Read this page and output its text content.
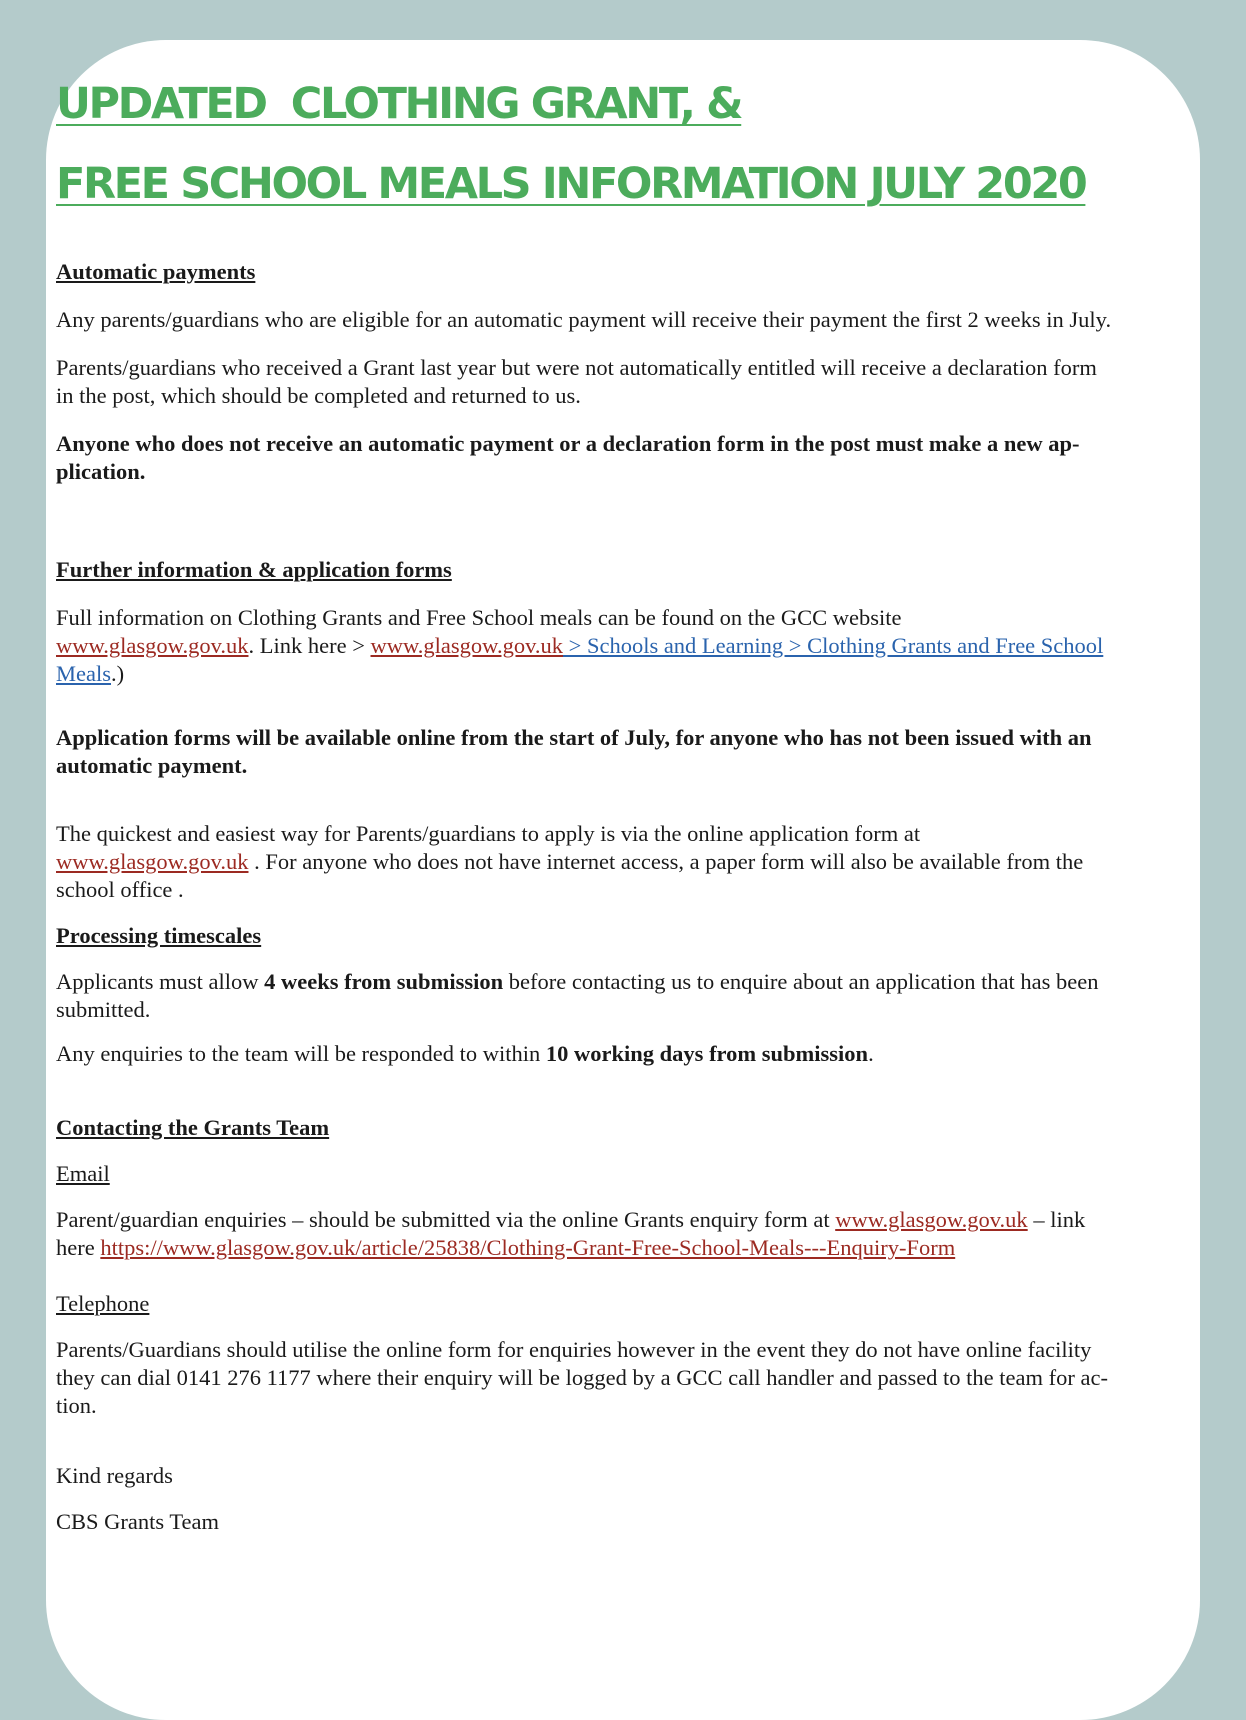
UPDATED  CLOTHING GRANT, &
FREE SCHOOL MEALS INFORMATION JULY 2020
Automatic payments
Any parents/guardians who are eligible for an automatic payment will receive their payment the first 2 weeks in July.
Parents/guardians who received a Grant last year but were not automatically entitled will receive a declaration form
in the post, which should be completed and returned to us.
Anyone who does not receive an automatic payment or a declaration form in the post must make a new ap-
plication.
Further information & application forms
Full information on Clothing Grants and Free School meals can be found on the GCC website
www.glasgow.gov.uk. Link here > www.glasgow.gov.uk > Schools and Learning > Clothing Grants and Free School
Meals.)
Application forms will be available online from the start of July, for anyone who has not been issued with an
automatic payment.
The quickest and easiest way for Parents/guardians to apply is via the online application form at
www.glasgow.gov.uk . For anyone who does not have internet access, a paper form will also be available from the
school office .
Processing timescales
Applicants must allow 4 weeks from submission before contacting us to enquire about an application that has been
submitted.
Any enquiries to the team will be responded to within 10 working days from submission.
Contacting the Grants Team
Email
Parent/guardian enquiries – should be submitted via the online Grants enquiry form at www.glasgow.gov.uk – link
here https://www.glasgow.gov.uk/article/25838/Clothing-Grant-Free-School-Meals---Enquiry-Form
Telephone
Parents/Guardians should utilise the online form for enquiries however in the event they do not have online facility
they can dial 0141 276 1177 where their enquiry will be logged by a GCC call handler and passed to the team for ac-
tion.
Kind regards
CBS Grants Team
